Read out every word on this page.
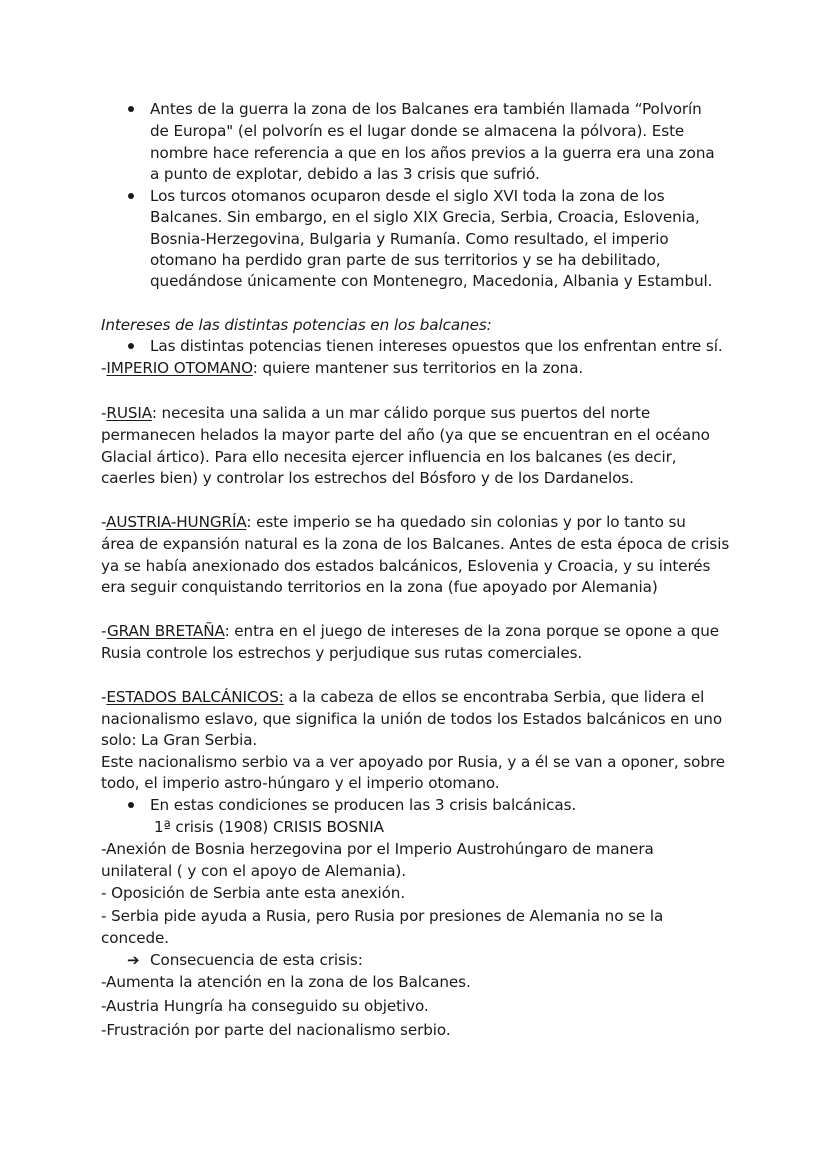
Antes de la guerra la zona de los Balcanes era también llamada “Polvorín
de Europa" (el polvorín es el lugar donde se almacena la pólvora). Este
nombre hace referencia a que en los años previos a la guerra era una zona
a punto de explotar, debido a las 3 crisis que sufrió.
Los turcos otomanos ocuparon desde el siglo XVI toda la zona de los
Balcanes. Sin embargo, en el siglo XIX Grecia, Serbia, Croacia, Eslovenia,
Bosnia-Herzegovina, Bulgaria y Rumanía. Como resultado, el imperio
otomano ha perdido gran parte de sus territorios y se ha debilitado,
quedándose únicamente con Montenegro, Macedonia, Albania y Estambul.
Intereses de las distintas potencias en los balcanes:
Las distintas potencias tienen intereses opuestos que los enfrentan entre sí.
-IMPERIO OTOMANO: quiere mantener sus territorios en la zona.
-RUSIA: necesita una salida a un mar cálido porque sus puertos del norte
permanecen helados la mayor parte del año (ya que se encuentran en el océano
Glacial ártico). Para ello necesita ejercer influencia en los balcanes (es decir,
caerles bien) y controlar los estrechos del Bósforo y de los Dardanelos.
-AUSTRIA-HUNGRÍA: este imperio se ha quedado sin colonias y por lo tanto su
área de expansión natural es la zona de los Balcanes. Antes de esta época de crisis
ya se había anexionado dos estados balcánicos, Eslovenia y Croacia, y su interés
era seguir conquistando territorios en la zona (fue apoyado por Alemania)
-GRAN BRETAÑA: entra en el juego de intereses de la zona porque se opone a que
Rusia controle los estrechos y perjudique sus rutas comerciales.
-ESTADOS BALCÁNICOS: a la cabeza de ellos se encontraba Serbia, que lidera el
nacionalismo eslavo, que significa la unión de todos los Estados balcánicos en uno
solo: La Gran Serbia.
Este nacionalismo serbio va a ver apoyado por Rusia, y a él se van a oponer, sobre
todo, el imperio astro-húngaro y el imperio otomano.
En estas condiciones se producen las 3 crisis balcánicas.
1ª crisis (1908) CRISIS BOSNIA
-Anexión de Bosnia herzegovina por el Imperio Austrohúngaro de manera
unilateral ( y con el apoyo de Alemania).
- Oposición de Serbia ante esta anexión.
- Serbia pide ayuda a Rusia, pero Rusia por presiones de Alemania no se la
concede.
➔ Consecuencia de esta crisis:
-Aumenta la atención en la zona de los Balcanes.
-Austria Hungría ha conseguido su objetivo.
-Frustración por parte del nacionalismo serbio.
